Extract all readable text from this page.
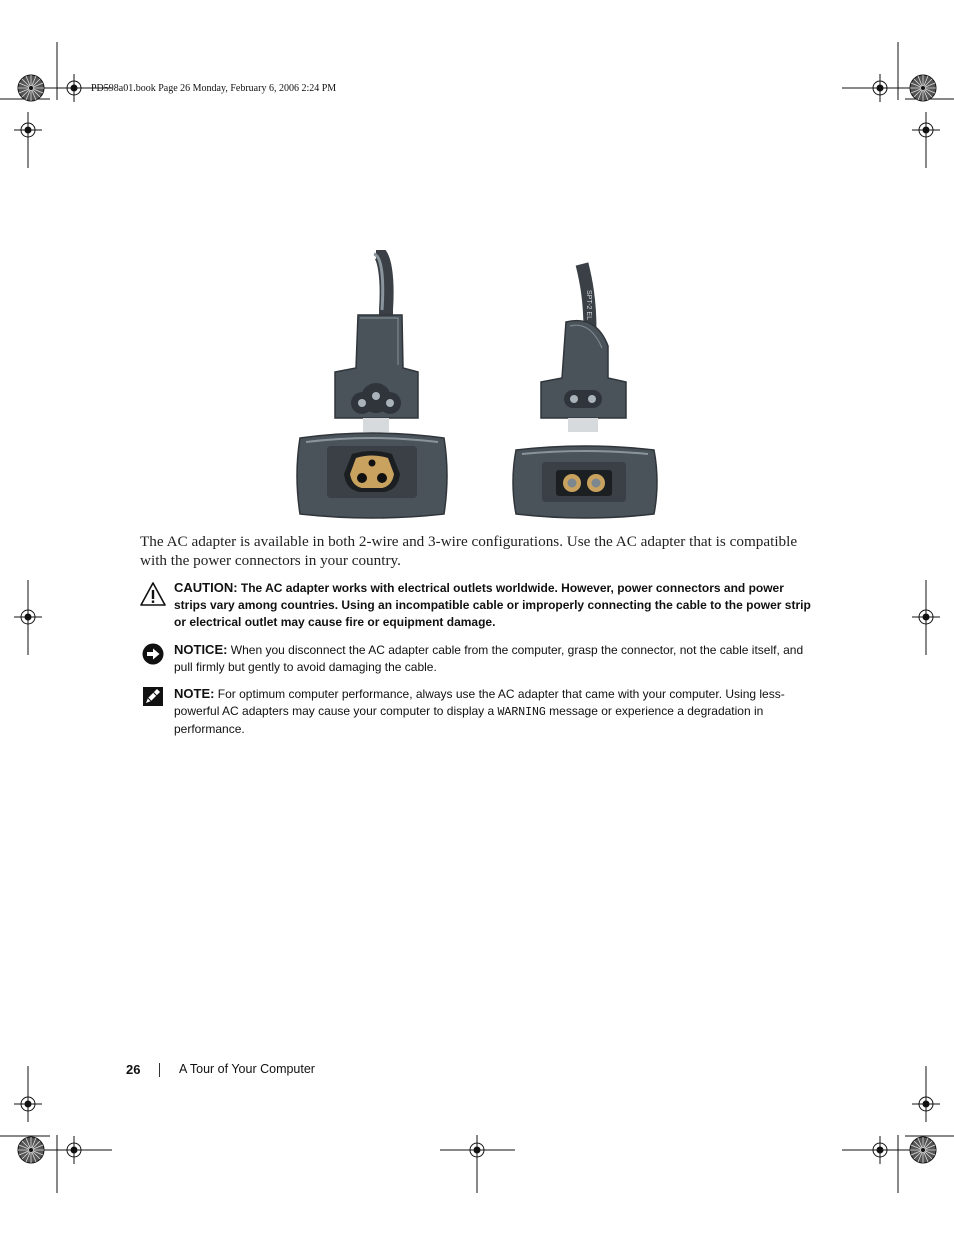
PD598a01.book Page 26 Monday, February 6, 2006 2:24 PM
SPT-2 EL

The AC adapter is available in both 2-wire and 3-wire configurations. Use the AC adapter that is compatible with the power connectors in your country.

CAUTION: The AC adapter works with electrical outlets worldwide. However, power connectors and power strips vary among countries. Using an incompatible cable or improperly connecting the cable to the power strip or electrical outlet may cause fire or equipment damage.

NOTICE: When you disconnect the AC adapter cable from the computer, grasp the connector, not the cable itself, and pull firmly but gently to avoid damaging the cable.

NOTE: For optimum computer performance, always use the AC adapter that came with your computer. Using less-powerful AC adapters may cause your computer to display a WARNING message or experience a degradation in performance.

26	A Tour of Your Computer
